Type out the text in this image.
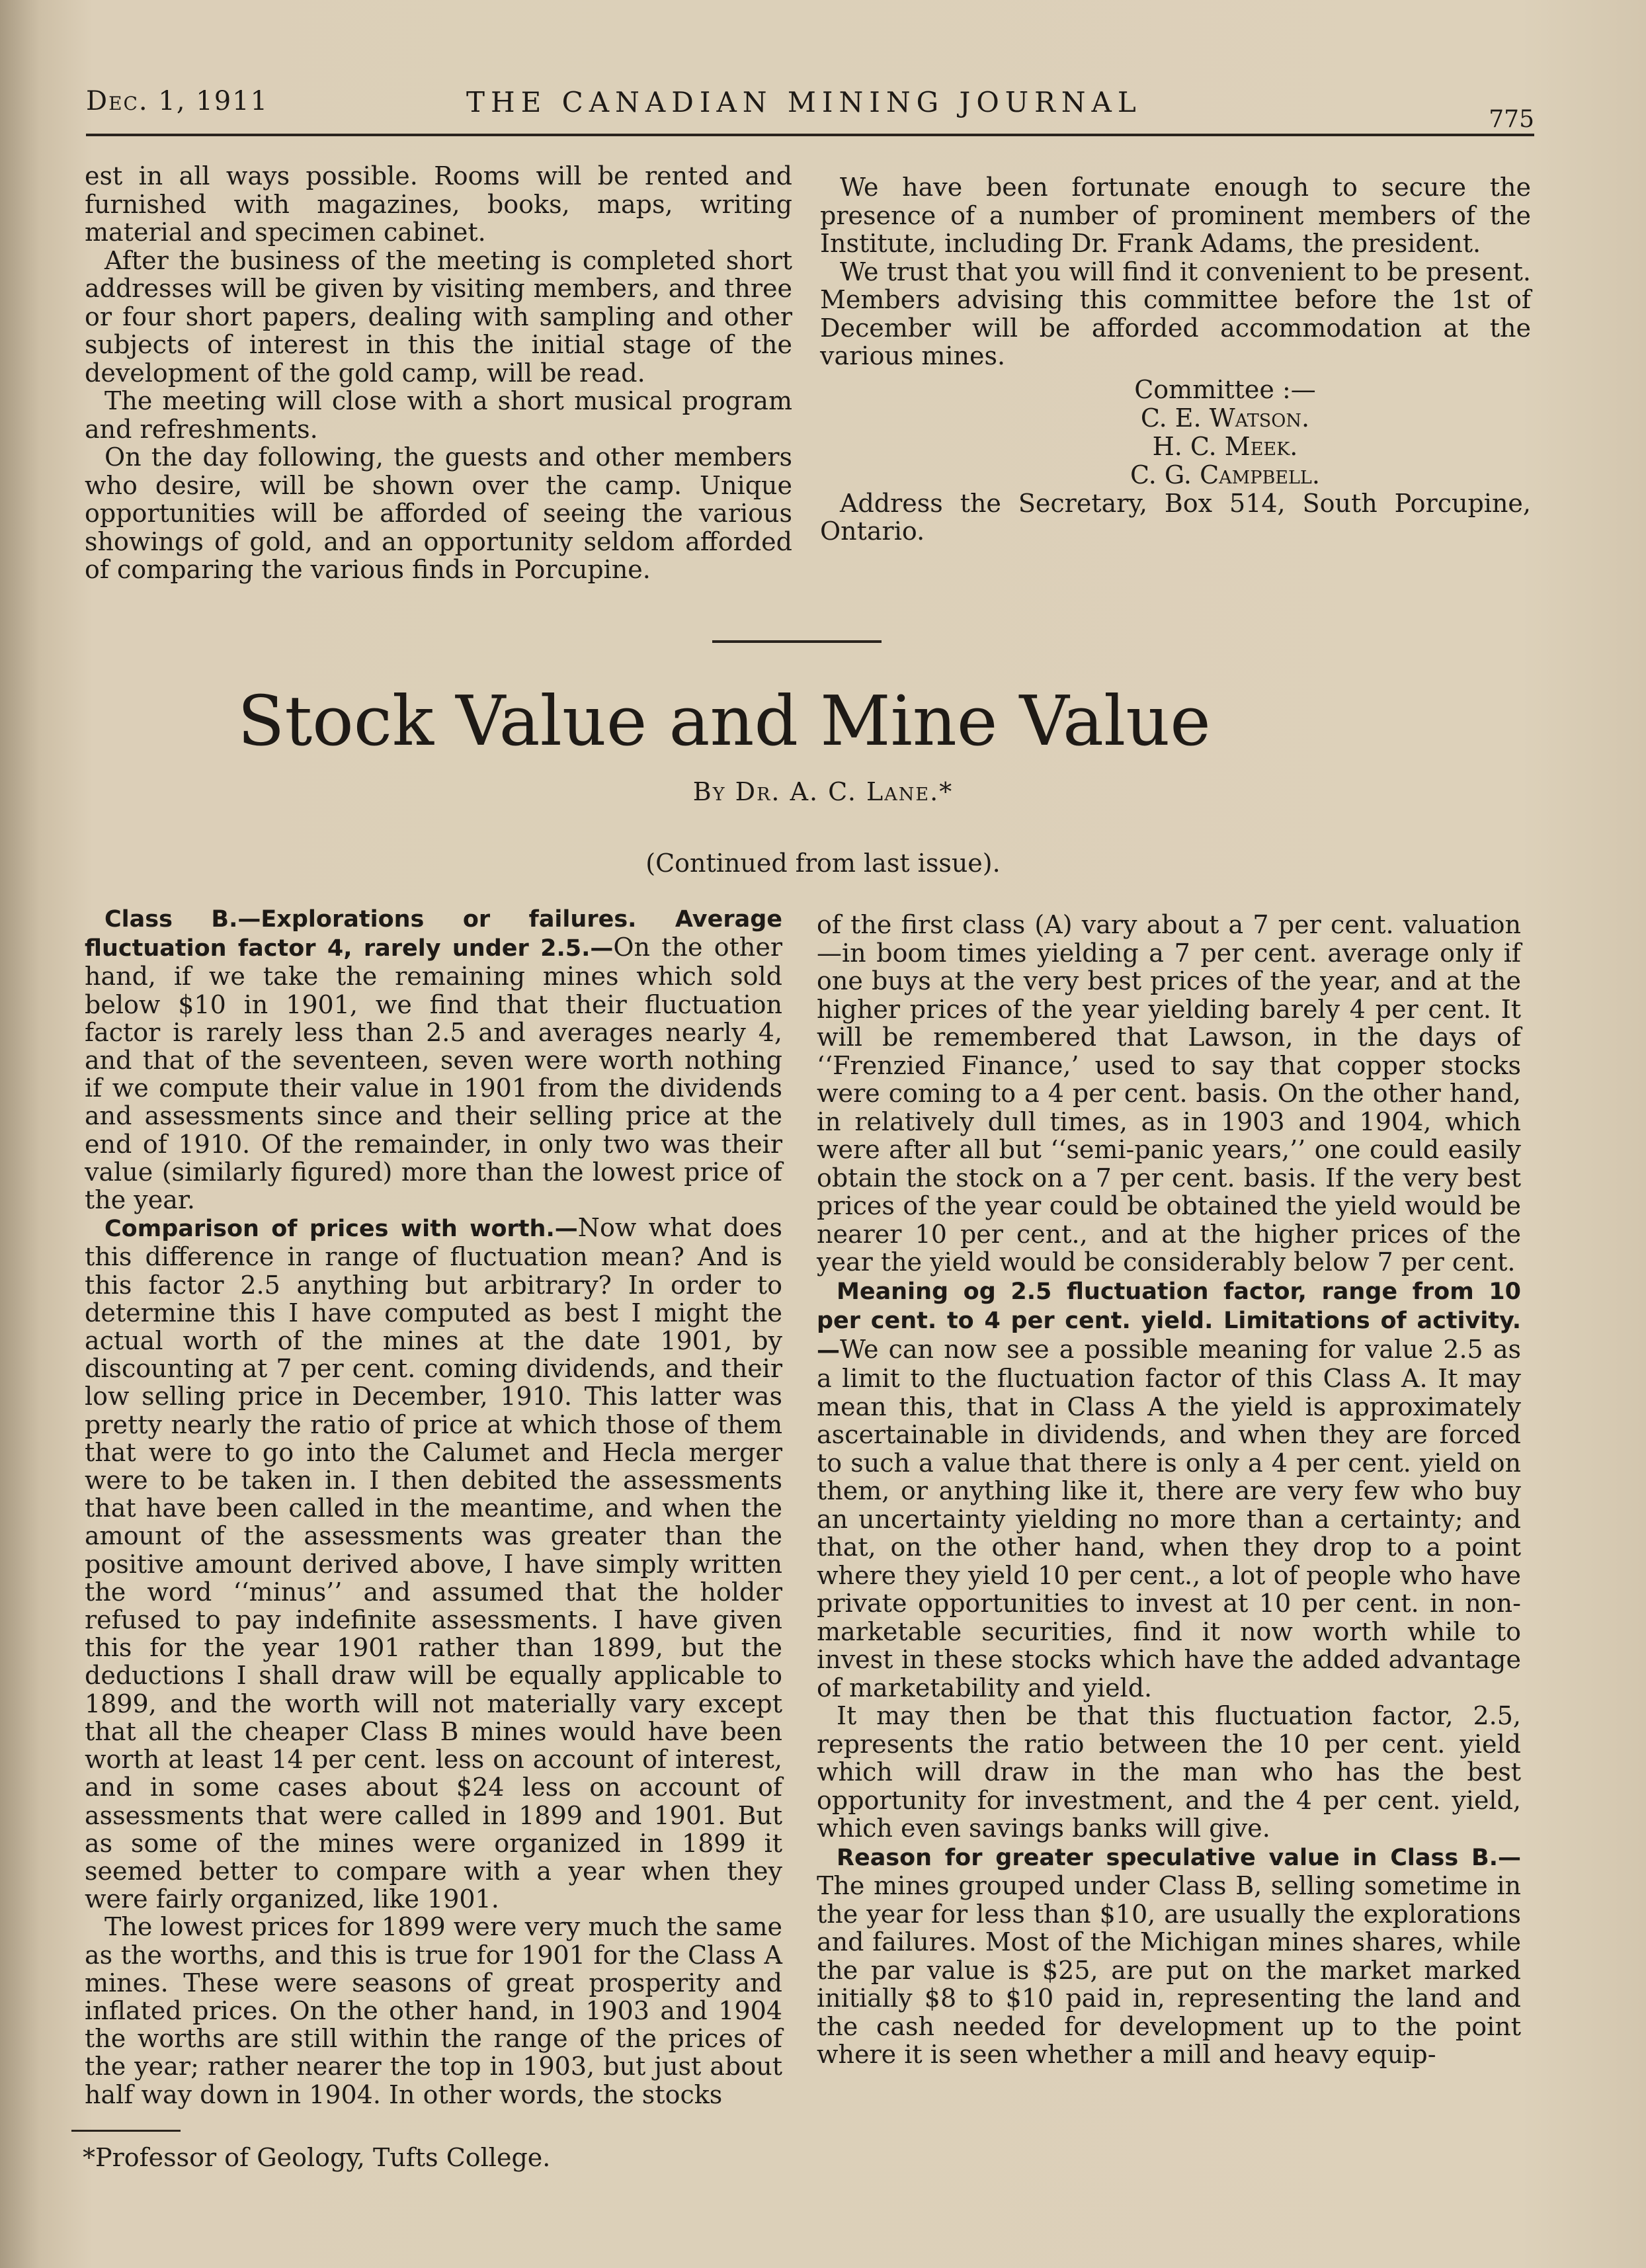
Dec. 1, 1911	THE CANADIAN MINING JOURNAL
775

est in all ways possible. Rooms will be rented and furnished with magazines, books, maps, writing material and specimen cabinet.

After the business of the meeting is completed short addresses will be given by visiting members, and three or four short papers, dealing with sampling and other subjects of interest in this the initial stage of the development of the gold camp, will be read.

The meeting will close with a short musical program and refreshments.

On the day following, the guests and other members who desire, will be shown over the camp. Unique opportunities will be afforded of seeing the various showings of gold, and an opportunity seldom afforded of comparing the various finds in Porcupine.

We have been fortunate enough to secure the presence of a number of prominent members of the Institute, including Dr. Frank Adams, the president.

We trust that you will find it convenient to be present. Members advising this committee before the 1st of December will be afforded accommodation at the various mines.

Committee :—
C. E. Watson.
H. C. Meek.
C. G. Campbell.

Address the Secretary, Box 514, South Porcupine, Ontario.

Stock Value and Mine Value
By Dr. A. C. Lane.*
(Continued from last issue).

Class B.—Explorations or failures. Average fluctuation factor 4, rarely under 2.5.—On the other hand, if we take the remaining mines which sold below $10 in 1901, we find that their fluctuation factor is rarely less than 2.5 and averages nearly 4, and that of the seventeen, seven were worth nothing if we compute their value in 1901 from the dividends and assessments since and their selling price at the end of 1910. Of the remainder, in only two was their value (similarly figured) more than the lowest price of the year.

Comparison of prices with worth.—Now what does this difference in range of fluctuation mean? And is this factor 2.5 anything but arbitrary? In order to determine this I have computed as best I might the actual worth of the mines at the date 1901, by discounting at 7 per cent. coming dividends, and their low selling price in December, 1910. This latter was pretty nearly the ratio of price at which those of them that were to go into the Calumet and Hecla merger were to be taken in. I then debited the assessments that have been called in the meantime, and when the amount of the assessments was greater than the positive amount derived above, I have simply written the word ‘‘minus’’ and assumed that the holder refused to pay indefinite assessments. I have given this for the year 1901 rather than 1899, but the deductions I shall draw will be equally applicable to 1899, and the worth will not materially vary except that all the cheaper Class B mines would have been worth at least 14 per cent. less on account of interest, and in some cases about $24 less on account of assessments that were called in 1899 and 1901. But as some of the mines were organized in 1899 it seemed better to compare with a year when they were fairly organized, like 1901.

The lowest prices for 1899 were very much the same as the worths, and this is true for 1901 for the Class A mines. These were seasons of great prosperity and inflated prices. On the other hand, in 1903 and 1904 the worths are still within the range of the prices of the year; rather nearer the top in 1903, but just about half way down in 1904. In other words, the stocks

of the first class (A) vary about a 7 per cent. valuation—in boom times yielding a 7 per cent. average only if one buys at the very best prices of the year, and at the higher prices of the year yielding barely 4 per cent. It will be remembered that Lawson, in the days of ‘‘Frenzied Finance,’ used to say that copper stocks were coming to a 4 per cent. basis. On the other hand, in relatively dull times, as in 1903 and 1904, which were after all but ‘‘semi-panic years,’’ one could easily obtain the stock on a 7 per cent. basis. If the very best prices of the year could be obtained the yield would be nearer 10 per cent., and at the higher prices of the year the yield would be considerably below 7 per cent.

Meaning og 2.5 fluctuation factor, range from 10 per cent. to 4 per cent. yield. Limitations of activity.—We can now see a possible meaning for value 2.5 as a limit to the fluctuation factor of this Class A. It may mean this, that in Class A the yield is approximately ascertainable in dividends, and when they are forced to such a value that there is only a 4 per cent. yield on them, or anything like it, there are very few who buy an uncertainty yielding no more than a certainty; and that, on the other hand, when they drop to a point where they yield 10 per cent., a lot of people who have private opportunities to invest at 10 per cent. in non-marketable securities, find it now worth while to invest in these stocks which have the added advantage of marketability and yield.

It may then be that this fluctuation factor, 2.5, represents the ratio between the 10 per cent. yield which will draw in the man who has the best opportunity for investment, and the 4 per cent. yield, which even savings banks will give.

Reason for greater speculative value in Class B.—The mines grouped under Class B, selling sometime in the year for less than $10, are usually the explorations and failures. Most of the Michigan mines shares, while the par value is $25, are put on the market marked initially $8 to $10 paid in, representing the land and the cash needed for development up to the point where it is seen whether a mill and heavy equip-

*Professor of Geology, Tufts College.
